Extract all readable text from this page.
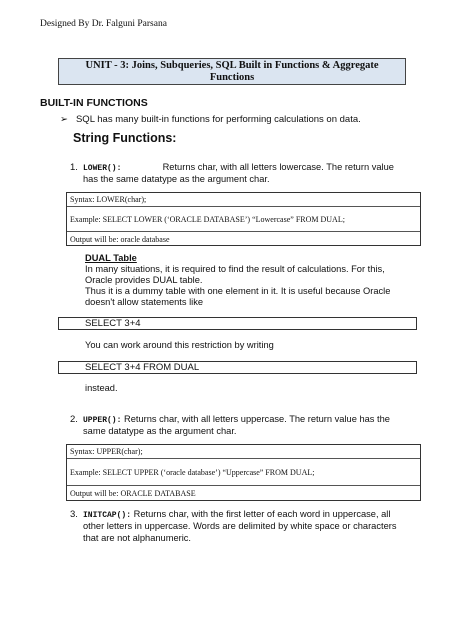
Designed By Dr. Falguni Parsana
UNIT - 3: Joins, Subqueries, SQL Built in Functions & Aggregate
Functions
BUILT-IN FUNCTIONS
➢ SQL has many built-in functions for performing calculations on data.
String Functions:
1. LOWER():	Returns char, with all letters lowercase. The return value
has the same datatype as the argument char.
Syntax: LOWER(char);
Example: SELECT LOWER (‘ORACLE DATABASE’) “Lowercase” FROM DUAL;
Output will be: oracle database
DUAL Table
In many situations, it is required to find the result of calculations. For this,
Oracle provides DUAL table.
Thus it is a dummy table with one element in it. It is useful because Oracle
doesn't allow statements like
SELECT 3+4
You can work around this restriction by writing
SELECT 3+4 FROM DUAL
instead.
2. UPPER(): Returns char, with all letters uppercase. The return value has the
same datatype as the argument char.
Syntax: UPPER(char);
Example: SELECT UPPER (‘oracle database’) “Uppercase” FROM DUAL;
Output will be: ORACLE DATABASE
3. INITCAP(): Returns char, with the first letter of each word in uppercase, all
other letters in uppercase. Words are delimited by white space or characters
that are not alphanumeric.
